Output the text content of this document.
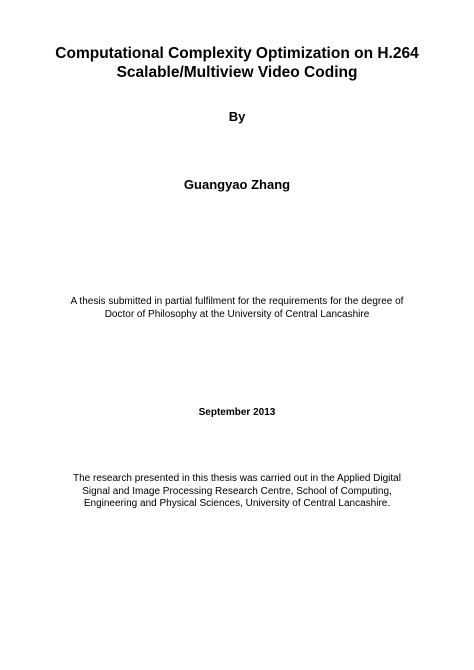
Computational Complexity Optimization on H.264
Scalable/Multiview Video Coding
By
Guangyao Zhang
A thesis submitted in partial fulfilment for the requirements for the degree of
Doctor of Philosophy at the University of Central Lancashire
September 2013
The research presented in this thesis was carried out in the Applied Digital
Signal and Image Processing Research Centre, School of Computing,
Engineering and Physical Sciences, University of Central Lancashire.
